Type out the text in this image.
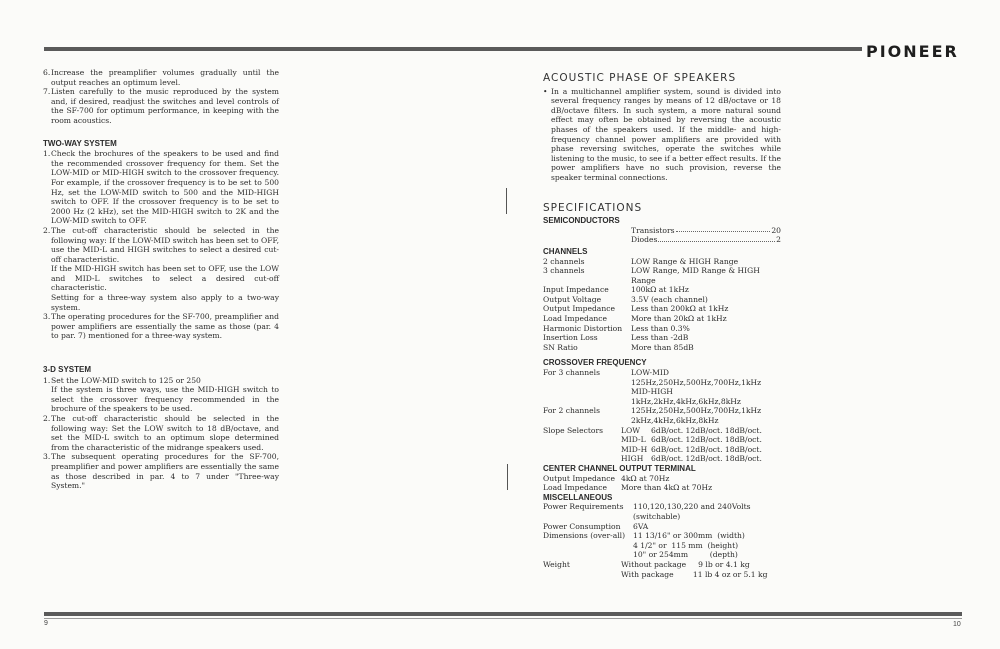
PIONEER
6. Increase the preamplifier volumes gradually until the output reaches an optimum level.

7. Listen carefully to the music reproduced by the system and, if desired, readjust the switches and level controls of the SF-700 for optimum performance, in keeping with the room acoustics.

TWO-WAY SYSTEM

1. Check the brochures of the speakers to be used and find the recommended crossover frequency for them. Set the LOW-MID or MID-HIGH switch to the crossover frequency. For example, if the crossover frequency is to be set to 500 Hz, set the LOW-MID switch to 500 and the MID-HIGH switch to OFF. If the crossover frequency is to be set to 2000 Hz (2 kHz), set the MID-HIGH switch to 2K and the LOW-MID switch to OFF.

2. The cut-off characteristic should be selected in the following way: If the LOW-MID switch has been set to OFF, use the MID-L and HIGH switches to select a desired cut-off characteristic.

If the MID-HIGH switch has been set to OFF, use the LOW and MID-L switches to select a desired cut-off characteristic.

Setting for a three-way system also apply to a two-way system.

3. The operating procedures for the SF-700, preamplifier and power amplifiers are essentially the same as those (par. 4 to par. 7) mentioned for a three-way system.

3-D SYSTEM

1. Set the LOW-MID switch to 125 or 250

If the system is three ways, use the MID-HIGH switch to select the crossover frequency recommended in the brochure of the speakers to be used.

2. The cut-off characteristic should be selected in the following way: Set the LOW switch to 18 dB/octave, and set the MID-L switch to an optimum slope determined from the characteristic of the midrange speakers used.

3. The subsequent operating procedures for the SF-700, preamplifier and power amplifiers are essentially the same as those described in par. 4 to 7 under "Three-way System."

ACOUSTIC PHASE OF SPEAKERS

• In a multichannel amplifier system, sound is divided into several frequency ranges by means of 12 dB/octave or 18 dB/octave filters. In such system, a more natural sound effect may often be obtained by reversing the acoustic phases of the speakers used. If the middle- and high-frequency channel power amplifiers are provided with phase reversing switches, operate the switches while listening to the music, to see if a better effect results. If the power amplifiers have no such provision, reverse the speaker terminal connections.

SPECIFICATIONS

SEMICONDUCTORS

Transistors	20
Diodes	2

CHANNELS

2 channels	LOW Range & HIGH Range
3 channels	LOW Range, MID Range & HIGH Range
Input Impedance	100kΩ at 1kHz
Output Voltage	3.5V (each channel)
Output Impedance	Less than 200kΩ at 1kHz
Load Impedance	More than 20kΩ at 1kHz
Harmonic Distortion	Less than 0.3%
Insertion Loss	Less than -2dB
SN Ratio	More than 85dB

CROSSOVER FREQUENCY

For 3 channels	LOW-MID
125Hz,250Hz,500Hz,700Hz,1kHz
MID-HIGH
1kHz,2kHz,4kHz,6kHz,8kHz
For 2 channels	125Hz,250Hz,500Hz,700Hz,1kHz
2kHz,4kHz,6kHz,8kHz
Slope Selectors	LOW	6dB/oct. 12dB/oct. 18dB/oct.
MID-L 6dB/oct. 12dB/oct. 18dB/oct.
MID-H 6dB/oct. 12dB/oct. 18dB/oct.
HIGH	6dB/oct. 12dB/oct. 18dB/oct.

CENTER CHANNEL OUTPUT TERMINAL

Output Impedance 4kΩ at 70Hz
Load Impedance	More than 4kΩ at 70Hz

MISCELLANEOUS

Power Requirements	110,120,130,220 and 240Volts
(switchable)
Power Consumption	6VA
Dimensions (over-all)	11 13/16" or 300mm  (width)
4 1/2" or  115 mm  (height)
10" or 254mm         (depth)
Weight	Without package     9 lb or 4.1 kg
With package        11 lb 4 oz or 5.1 kg
9	10
